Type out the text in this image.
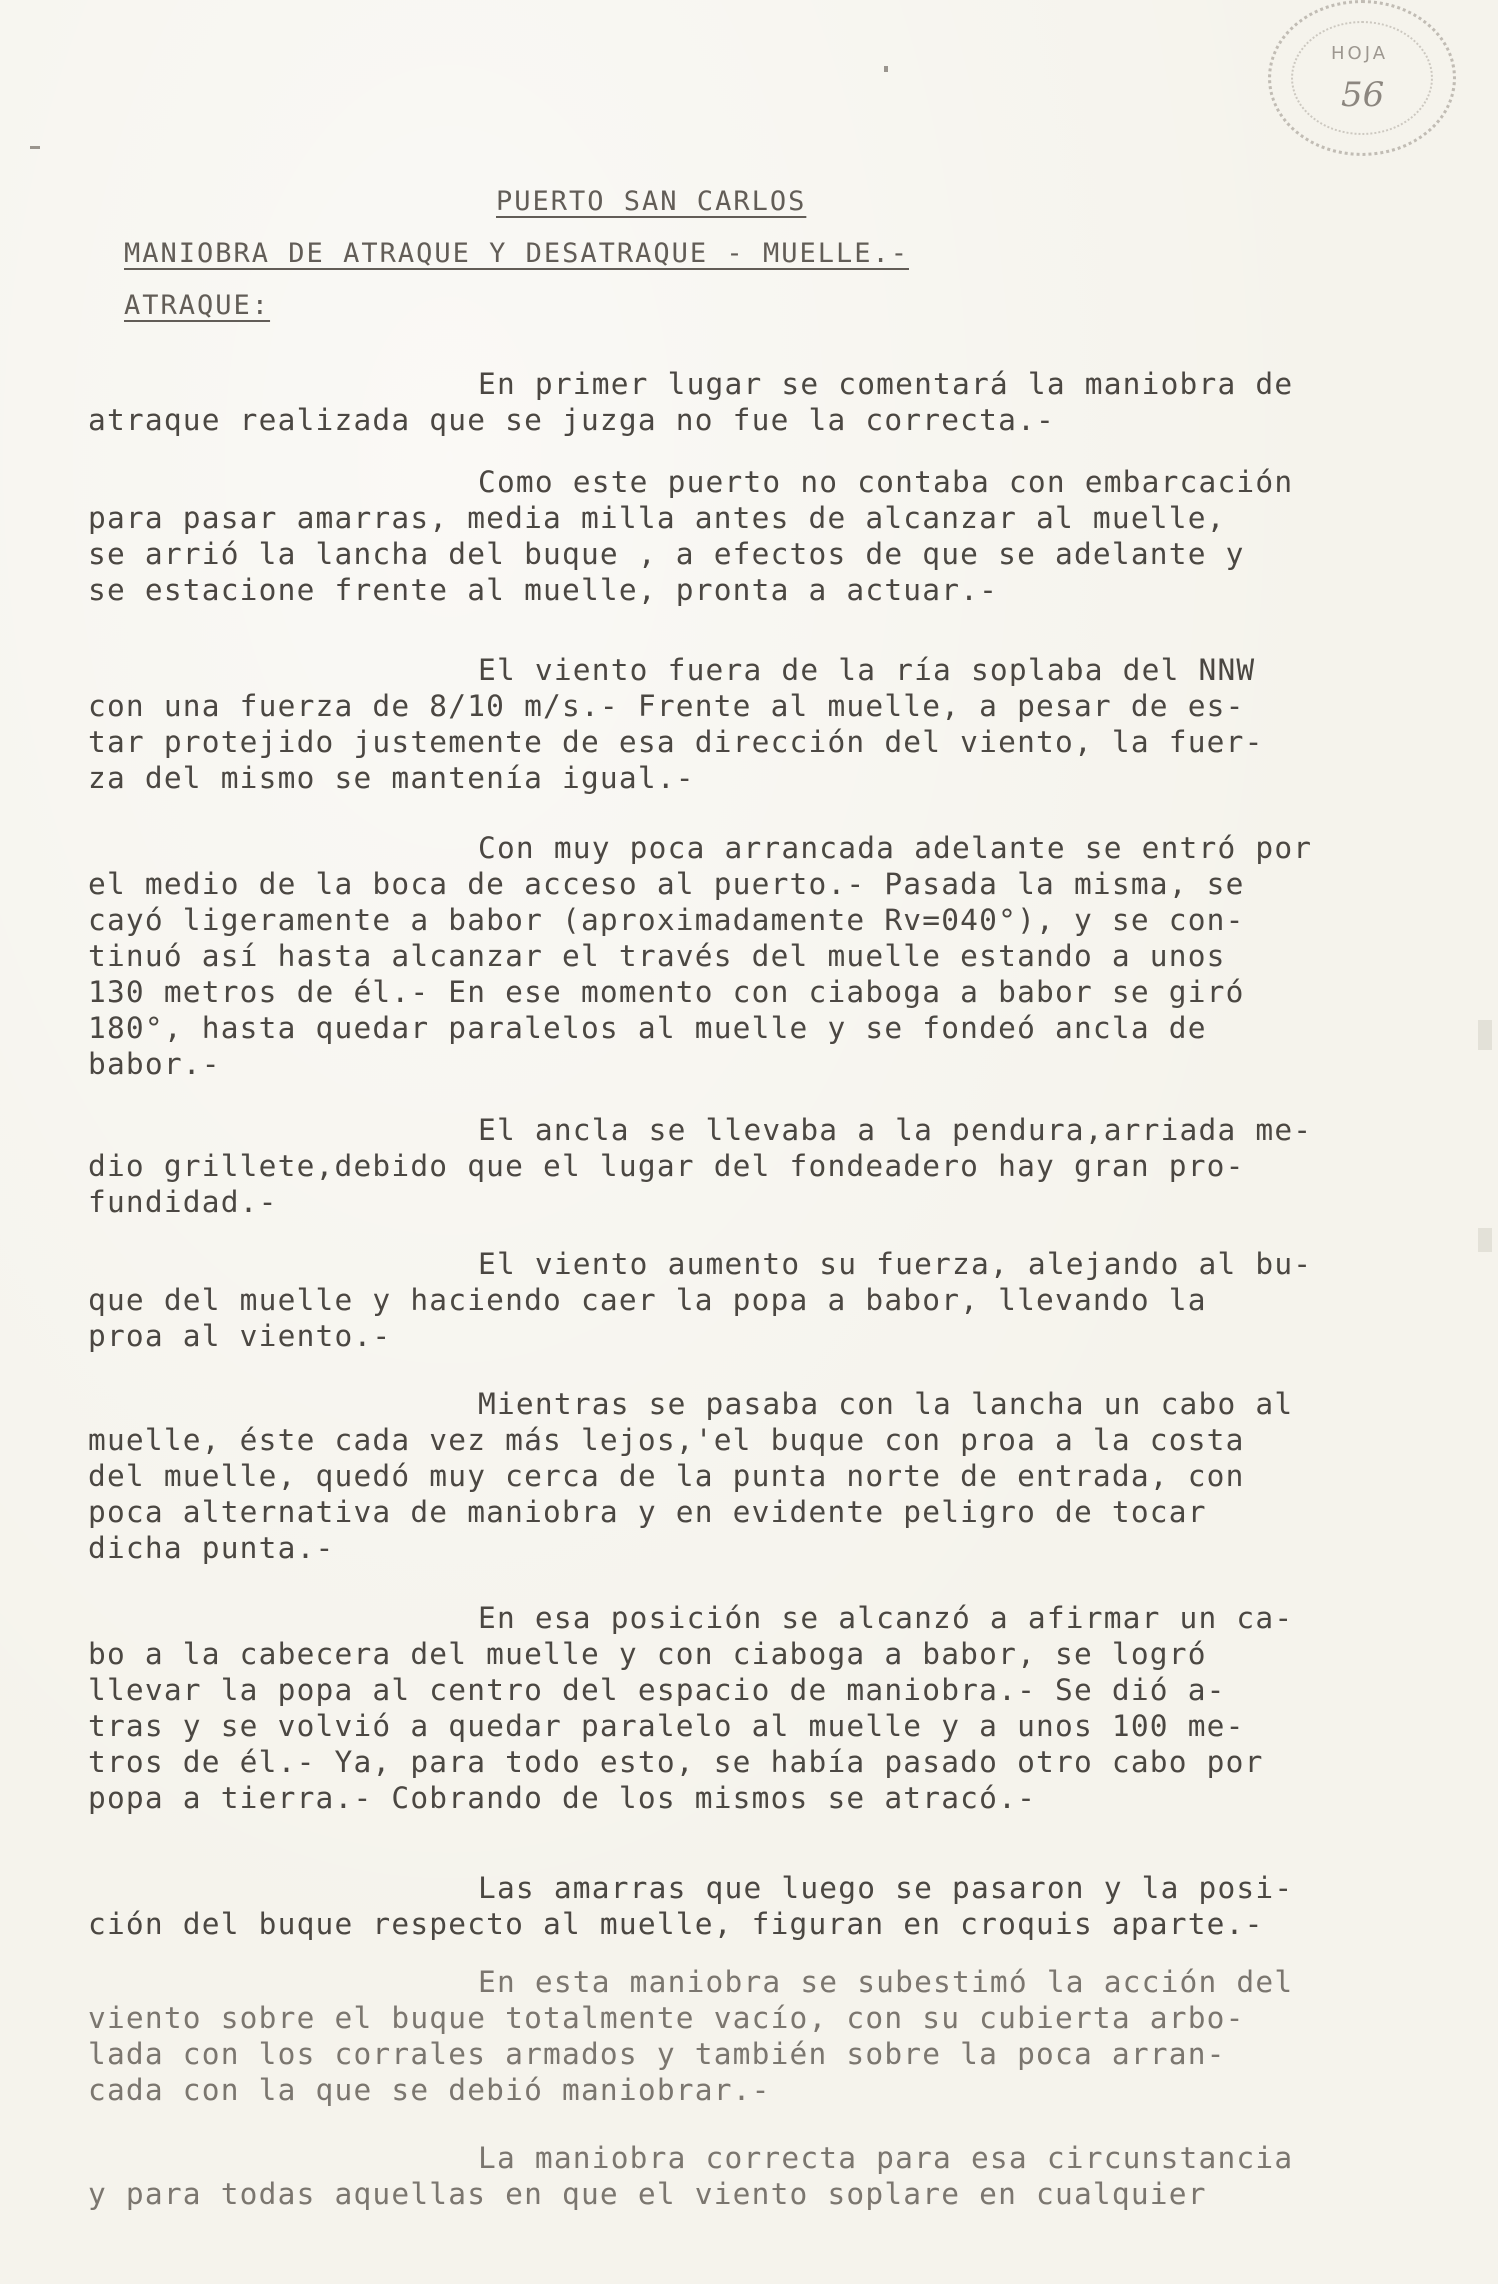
HOJA
56
PUERTO SAN CARLOS
MANIOBRA DE ATRAQUE Y DESATRAQUE - MUELLE.-
ATRAQUE:
En primer lugar se comentará la maniobra de
atraque realizada que se juzga no fue la correcta.-
Como este puerto no contaba con embarcación
para pasar amarras, media milla antes de alcanzar al muelle,
se arrió la lancha del buque , a efectos de que se adelante y
se estacione frente al muelle, pronta a actuar.-
El viento fuera de la ría soplaba del NNW
con una fuerza de 8/10 m/s.- Frente al muelle, a pesar de es-
tar protejido justemente de esa dirección del viento, la fuer-
za del mismo se mantenía igual.-
Con muy poca arrancada adelante se entró por
el medio de la boca de acceso al puerto.- Pasada la misma, se
cayó ligeramente a babor (aproximadamente Rv=040°), y se con-
tinuó así hasta alcanzar el través del muelle estando a unos
130 metros de él.- En ese momento con ciaboga a babor se giró
180°, hasta quedar paralelos al muelle y se fondeó ancla de
babor.-
El ancla se llevaba a la pendura,arriada me-
dio grillete,debido que el lugar del fondeadero hay gran pro-
fundidad.-
El viento aumento su fuerza, alejando al bu-
que del muelle y haciendo caer la popa a babor, llevando la
proa al viento.-
Mientras se pasaba con la lancha un cabo al
muelle, éste cada vez más lejos,'el buque con proa a la costa
del muelle, quedó muy cerca de la punta norte de entrada, con
poca alternativa de maniobra y en evidente peligro de tocar
dicha punta.-
En esa posición se alcanzó a afirmar un ca-
bo a la cabecera del muelle y con ciaboga a babor, se logró
llevar la popa al centro del espacio de maniobra.- Se dió a-
tras y se volvió a quedar paralelo al muelle y a unos 100 me-
tros de él.- Ya, para todo esto, se había pasado otro cabo por
popa a tierra.- Cobrando de los mismos se atracó.-
Las amarras que luego se pasaron y la posi-
ción del buque respecto al muelle, figuran en croquis aparte.-
En esta maniobra se subestimó la acción del
viento sobre el buque totalmente vacío, con su cubierta arbo-
lada con los corrales armados y también sobre la poca arran-
cada con la que se debió maniobrar.-
La maniobra correcta para esa circunstancia
y para todas aquellas en que el viento soplare en cualquier
